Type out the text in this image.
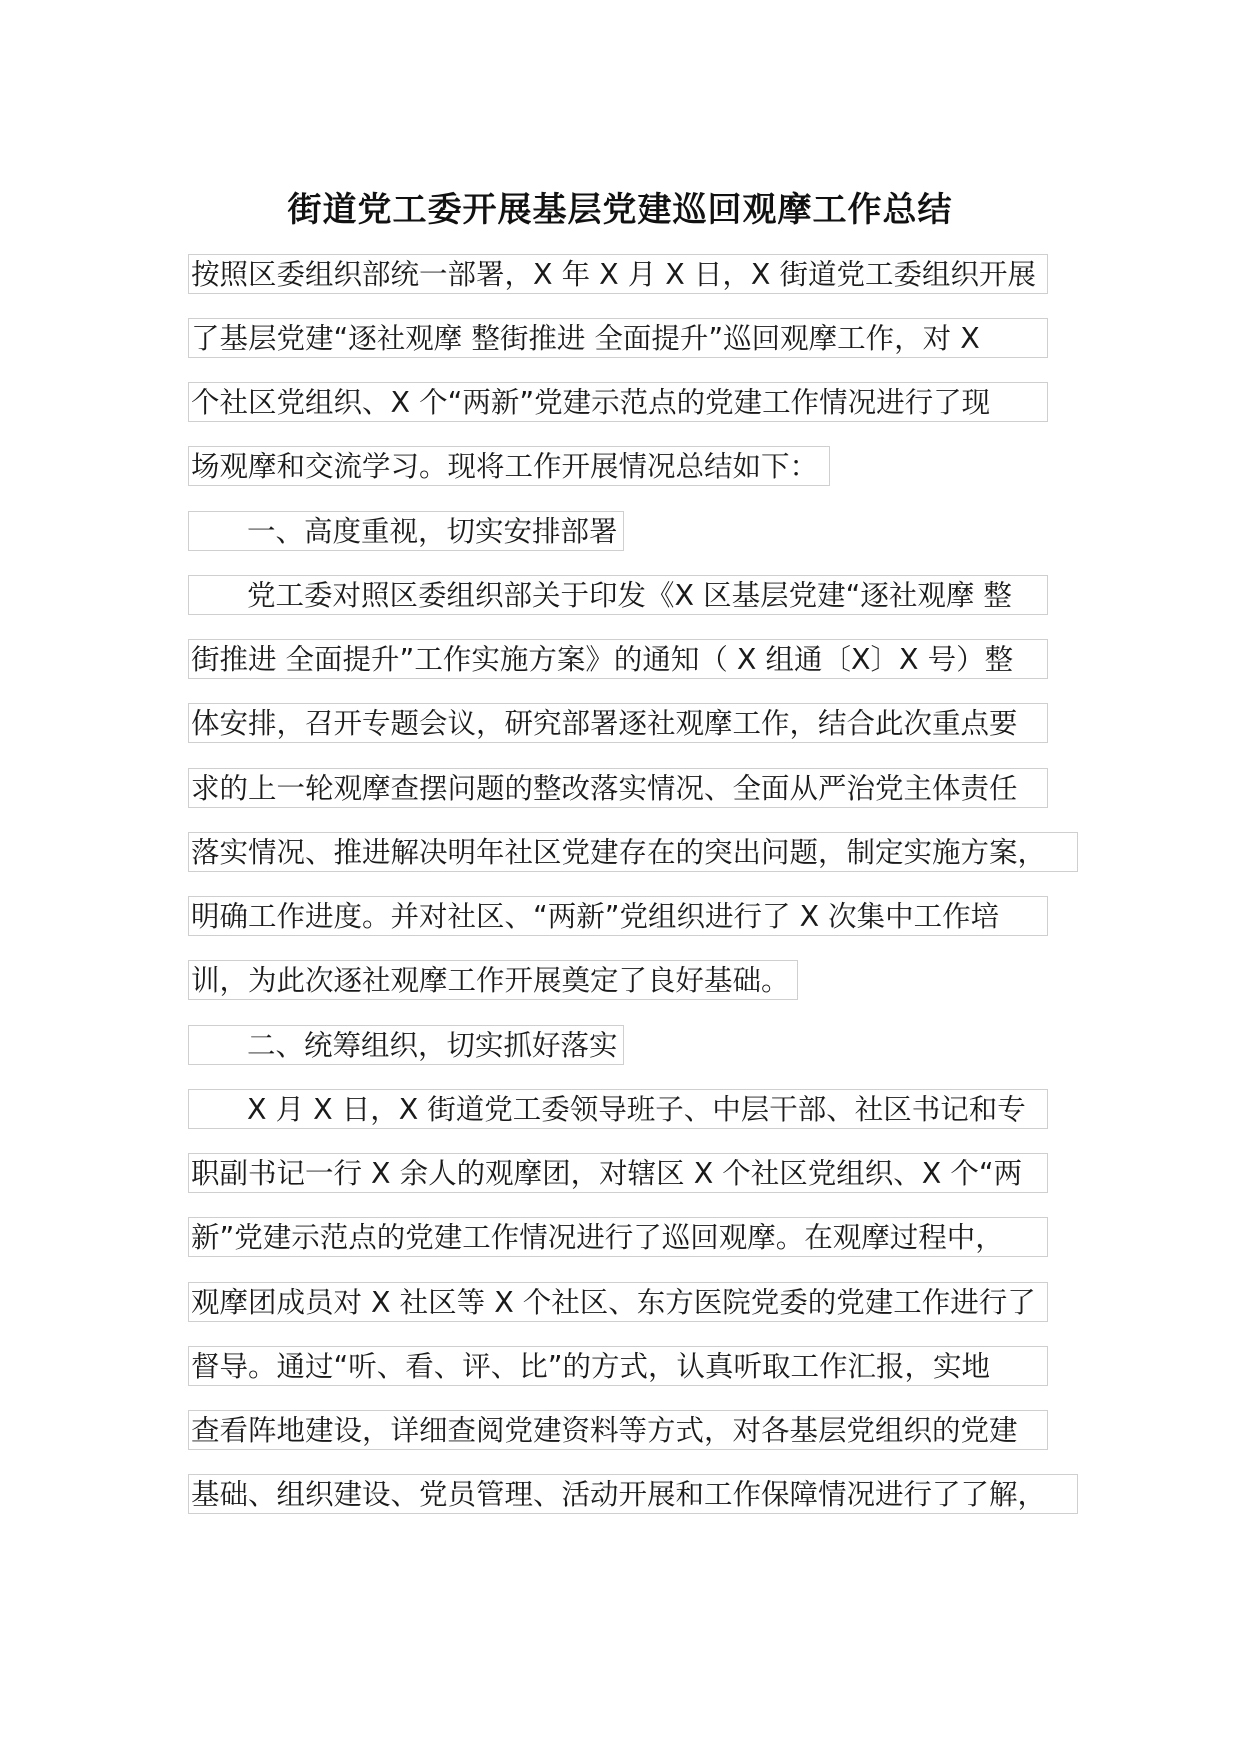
街道党工委开展基层党建巡回观摩工作总结
按照区委组织部统一部署，X 年 X 月 X 日，X 街道党工委组织开展
了基层党建“逐社观摩 整街推进 全面提升”巡回观摩工作，对 X
个社区党组织、X 个“两新”党建示范点的党建工作情况进行了现
场观摩和交流学习。现将工作开展情况总结如下：
一、高度重视，切实安排部署
党工委对照区委组织部关于印发《X 区基层党建“逐社观摩 整
街推进 全面提升”工作实施方案》的通知（ X 组通〔X〕X 号）整
体安排，召开专题会议，研究部署逐社观摩工作，结合此次重点要
求的上一轮观摩查摆问题的整改落实情况、全面从严治党主体责任
落实情况、推进解决明年社区党建存在的突出问题，制定实施方案，
明确工作进度。并对社区、“两新”党组织进行了 X 次集中工作培
训，为此次逐社观摩工作开展奠定了良好基础。
二、统筹组织，切实抓好落实
X 月 X 日，X 街道党工委领导班子、中层干部、社区书记和专
职副书记一行 X 余人的观摩团，对辖区 X 个社区党组织、X 个“两
新”党建示范点的党建工作情况进行了巡回观摩。在观摩过程中，
观摩团成员对 X 社区等 X 个社区、东方医院党委的党建工作进行了
督导。通过“听、看、评、比”的方式，认真听取工作汇报，实地
查看阵地建设，详细查阅党建资料等方式，对各基层党组织的党建
基础、组织建设、党员管理、活动开展和工作保障情况进行了了解，
